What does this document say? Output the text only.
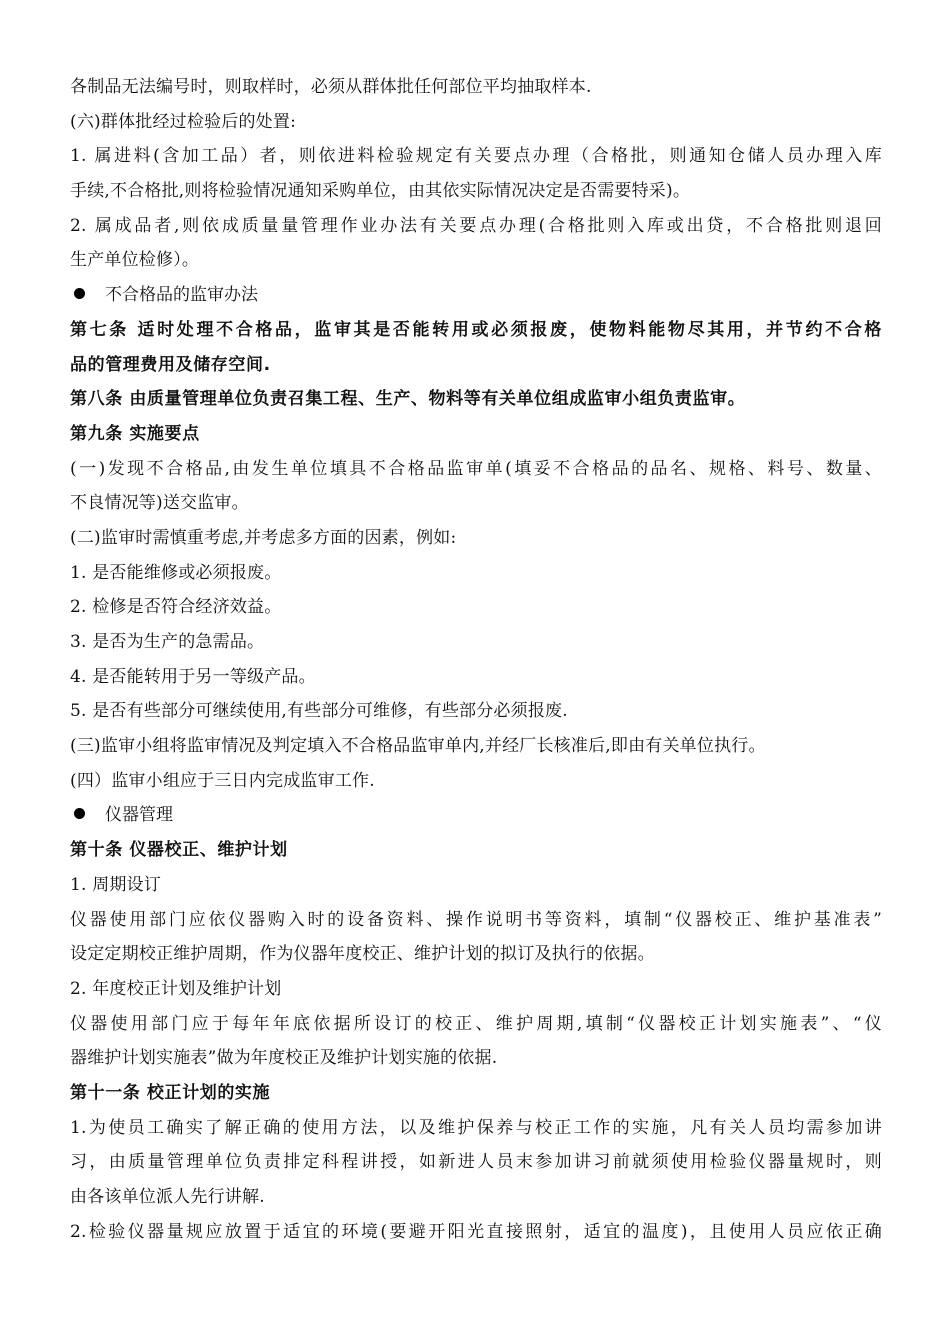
各制品无法编号时，则取样时，必须从群体批任何部位平均抽取样本.
(六)群体批经过检验后的处置:
1. 属进料(含加工品）者，则依进料检验规定有关要点办理（合格批，则通知仓储人员办理入库
手续,不合格批,则将检验情况通知采购单位，由其依实际情况决定是否需要特采)。
2. 属成品者,则依成质量量管理作业办法有关要点办理(合格批则入库或出贷，不合格批则退回
生产单位检修）。
不合格品的监审办法
第七条 适时处理不合格品，监审其是否能转用或必须报废，使物料能物尽其用，并节约不合格
品的管理费用及储存空间.
第八条 由质量管理单位负责召集工程、生产、物料等有关单位组成监审小组负责监审。
第九条 实施要点
(一)发现不合格品,由发生单位填具不合格品监审单(填妥不合格品的品名、规格、料号、数量、
不良情况等)送交监审。
(二)监审时需慎重考虑,并考虑多方面的因素，例如:
1. 是否能维修或必须报废。
2. 检修是否符合经济效益。
3. 是否为生产的急需品。
4. 是否能转用于另一等级产品。
5. 是否有些部分可继续使用,有些部分可维修，有些部分必须报废.
(三)监审小组将监审情况及判定填入不合格品监审单内,并经厂长核准后,即由有关单位执行。
(四）监审小组应于三日内完成监审工作.
仪器管理
第十条 仪器校正、维护计划
1. 周期设订
仪器使用部门应依仪器购入时的设备资料、操作说明书等资料，填制“仪器校正、维护基准表”
设定定期校正维护周期，作为仪器年度校正、维护计划的拟订及执行的依据。
2. 年度校正计划及维护计划
仪器使用部门应于每年年底依据所设订的校正、维护周期,填制“仪器校正计划实施表”、“仪
器维护计划实施表”做为年度校正及维护计划实施的依据.
第十一条 校正计划的实施
1.为使员工确实了解正确的使用方法，以及维护保养与校正工作的实施，凡有关人员均需参加讲
习，由质量管理单位负责排定科程讲授，如新进人员末参加讲习前就须使用检验仪器量规时，则
由各该单位派人先行讲解.
2.检验仪器量规应放置于适宜的环境(要避开阳光直接照射，适宜的温度)，且使用人员应依正确
